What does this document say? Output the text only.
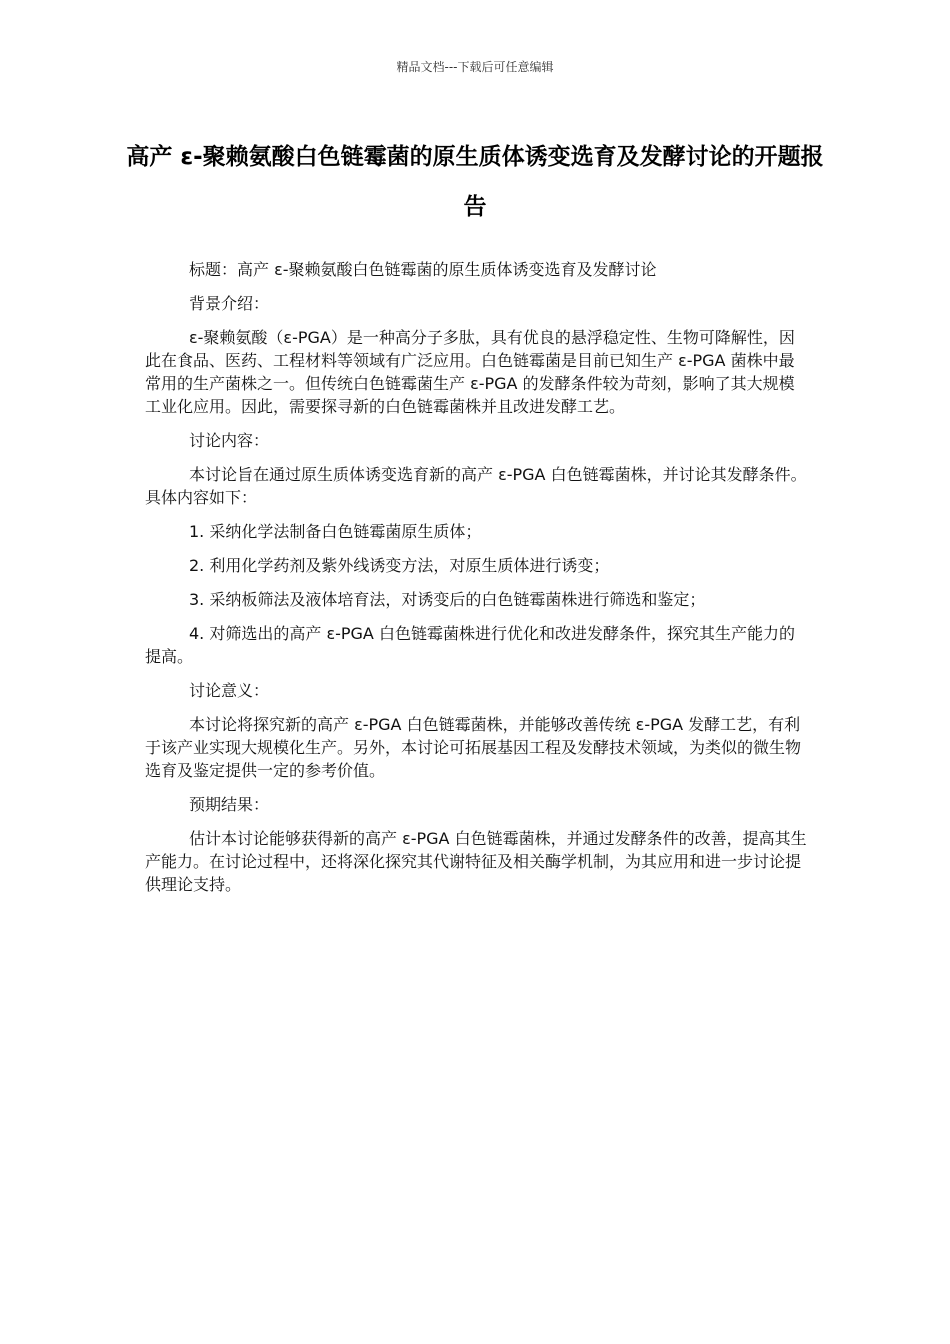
精品文档---下载后可任意编辑
高产 ε-聚赖氨酸白色链霉菌的原生质体诱变选育及发酵讨论的开题报告

标题：高产 ε-聚赖氨酸白色链霉菌的原生质体诱变选育及发酵讨论

背景介绍：

ε-聚赖氨酸（ε-PGA）是一种高分子多肽，具有优良的悬浮稳定性、生物可降解性，因此在食品、医药、工程材料等领域有广泛应用。白色链霉菌是目前已知生产 ε-PGA 菌株中最常用的生产菌株之一。但传统白色链霉菌生产 ε-PGA 的发酵条件较为苛刻，影响了其大规模工业化应用。因此，需要探寻新的白色链霉菌株并且改进发酵工艺。

讨论内容：

本讨论旨在通过原生质体诱变选育新的高产 ε-PGA 白色链霉菌株，并讨论其发酵条件。具体内容如下：

1. 采纳化学法制备白色链霉菌原生质体；

2. 利用化学药剂及紫外线诱变方法，对原生质体进行诱变；

3. 采纳板筛法及液体培育法，对诱变后的白色链霉菌株进行筛选和鉴定；

4. 对筛选出的高产 ε-PGA 白色链霉菌株进行优化和改进发酵条件，探究其生产能力的提高。

讨论意义：

本讨论将探究新的高产 ε-PGA 白色链霉菌株，并能够改善传统 ε-PGA 发酵工艺，有利于该产业实现大规模化生产。另外，本讨论可拓展基因工程及发酵技术领域，为类似的微生物选育及鉴定提供一定的参考价值。

预期结果：

估计本讨论能够获得新的高产 ε-PGA 白色链霉菌株，并通过发酵条件的改善，提高其生产能力。在讨论过程中，还将深化探究其代谢特征及相关酶学机制，为其应用和进一步讨论提供理论支持。
